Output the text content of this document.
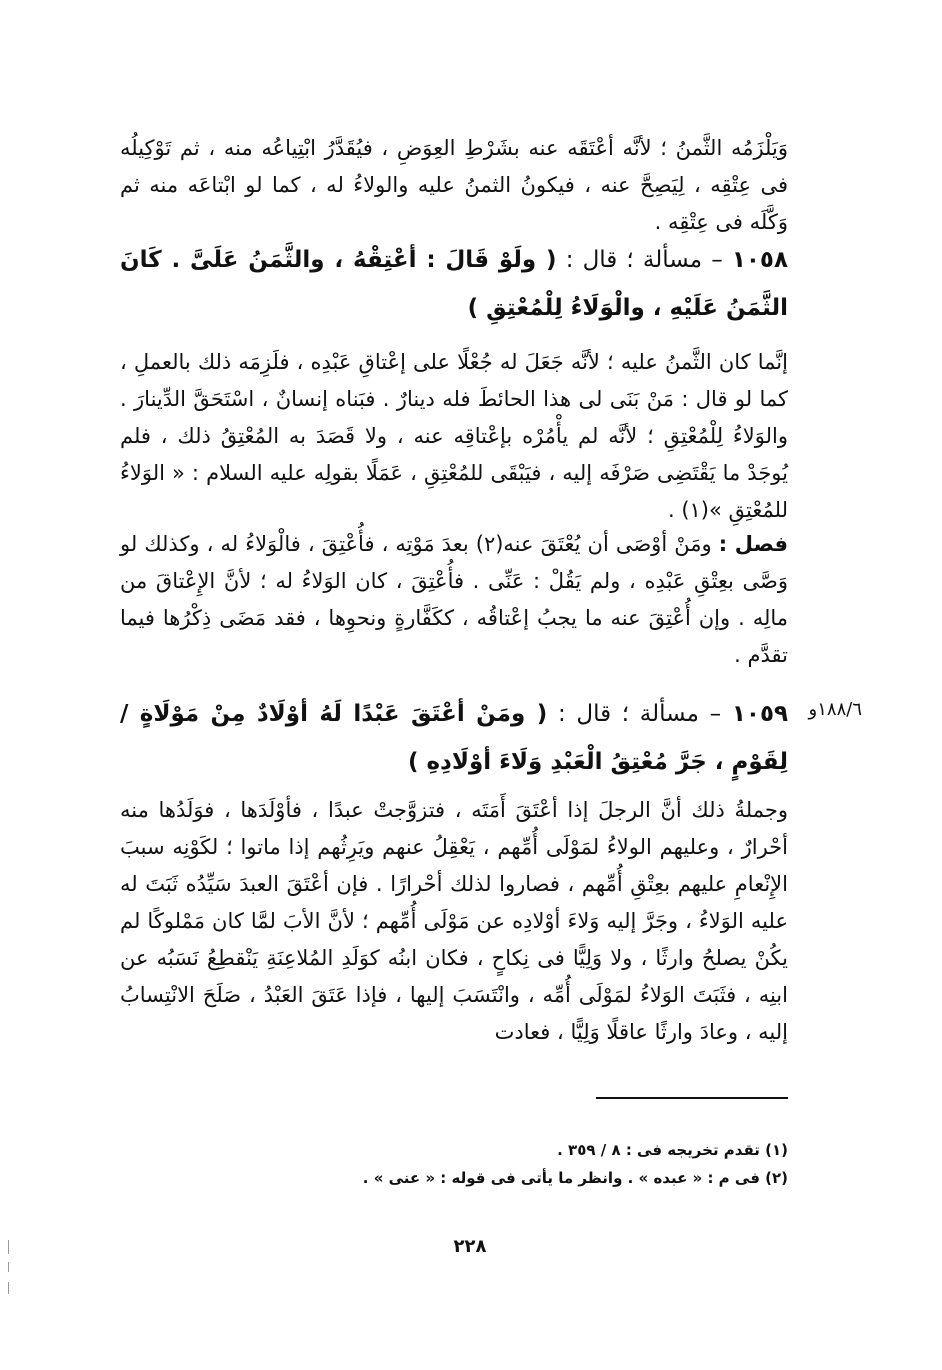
وَيَلْزَمُه الثَّمنُ ؛ لأنَّه أعْتَقَه عنه بشَرْطِ العِوَضِ ، فيُقَدَّرُ ابْتِياعُه منه ، ثم تَوْكِيلُه فى عِتْقِه ، لِيَصِحَّ عنه ، فيكونُ الثمنُ عليه والولاءُ له ، كما لو ابْتاعَه منه ثم وَكَّلَه فى عِتْقِه .

١٠٥٨ – مسألة ؛ قال : ( ولَوْ قَالَ : أعْتِقْهُ ، والثَّمَنُ عَلَىَّ . كَانَ الثَّمَنُ عَلَيْهِ ، والْوَلَاءُ لِلْمُعْتِقِ )

إنَّما كان الثَّمنُ عليه ؛ لأنَّه جَعَلَ له جُعْلًا على إعْتاقِ عَبْدِه ، فلَزِمَه ذلك بالعملِ ، كما لو قال : مَنْ بَنَى لى هذا الحائطَ فله دينارٌ . فبَناه إنسانٌ ، اسْتَحَقَّ الدِّينارَ . والوَلاءُ لِلْمُعْتِقِ ؛ لأنَّه لم يأْمُرْه بإعْتاقِه عنه ، ولا قَصَدَ به المُعْتِقُ ذلك ، فلم يُوجَدْ ما يَقْتَضِى صَرْفَه إليه ، فيَبْقَى للمُعْتِقِ ، عَمَلًا بقولِه عليه السلام : « الوَلاءُ للمُعْتِقِ »(١) .

فصل : ومَنْ أوْصَى أن يُعْتَقَ عنه(٢) بعدَ مَوْتِه ، فأُعْتِقَ ، فالْوَلاءُ له ، وكذلك لو وَصَّى بعِتْقِ عَبْدِه ، ولم يَقُلْ : عَنِّى . فأُعْتِقَ ، كان الوَلاءُ له ؛ لأنَّ الإِعْتاقَ من مالِه . وإن أُعْتِقَ عنه ما يجبُ إعْتاقُه ، ككَفَّارةٍ ونحوِها ، فقد مَضَى ذِكْرُها فيما تقدَّم .

١٨٨/٦و

١٠٥٩ – مسألة ؛ قال : ( ومَنْ أعْتَقَ عَبْدًا لَهُ أوْلَادٌ مِنْ مَوْلَاةٍ / لِقَوْمٍ ، جَرَّ مُعْتِقُ الْعَبْدِ وَلَاءَ أوْلَادِهِ )

وجملةُ ذلك أنَّ الرجلَ إذا أعْتَقَ أَمَتَه ، فتزوَّجتْ عبدًا ، فأوْلَدَها ، فوَلَدُها منه أحْرارٌ ، وعليهم الولاءُ لمَوْلَى أُمِّهم ، يَعْقِلُ عنهم ويَرِثُهم إذا ماتوا ؛ لكَوْنِه سببَ الإِنْعامِ عليهم بعِتْقِ أُمِّهم ، فصاروا لذلك أحْرارًا . فإن أعْتَقَ العبدَ سَيِّدُه ثَبَتَ له عليه الوَلاءُ ، وجَرَّ إليه وَلاءَ أوْلادِه عن مَوْلَى أُمِّهم ؛ لأنَّ الأبَ لمَّا كان مَمْلوكًا لم يكُنْ يصلحُ وارثًا ، ولا وَلِيًّا فى نِكاحٍ ، فكان ابنُه كوَلَدِ المُلاعِنَةِ يَنْقطِعُ نَسَبُه عن ابنِه ، فثَبَتَ الوَلاءُ لمَوْلَى أُمِّه ، وانْتَسَبَ إليها ، فإذا عَتَقَ العَبْدُ ، صَلَحَ الانْتِسابُ إليه ، وعادَ وارثًا عاقلًا وَلِيًّا ، فعادت

(١) تقدم تخريجه فى : ٨ / ٣٥٩ .
(٢) فى م : « عبده » . وانظر ما يأتى فى قوله : « عنى » .
٢٢٨
